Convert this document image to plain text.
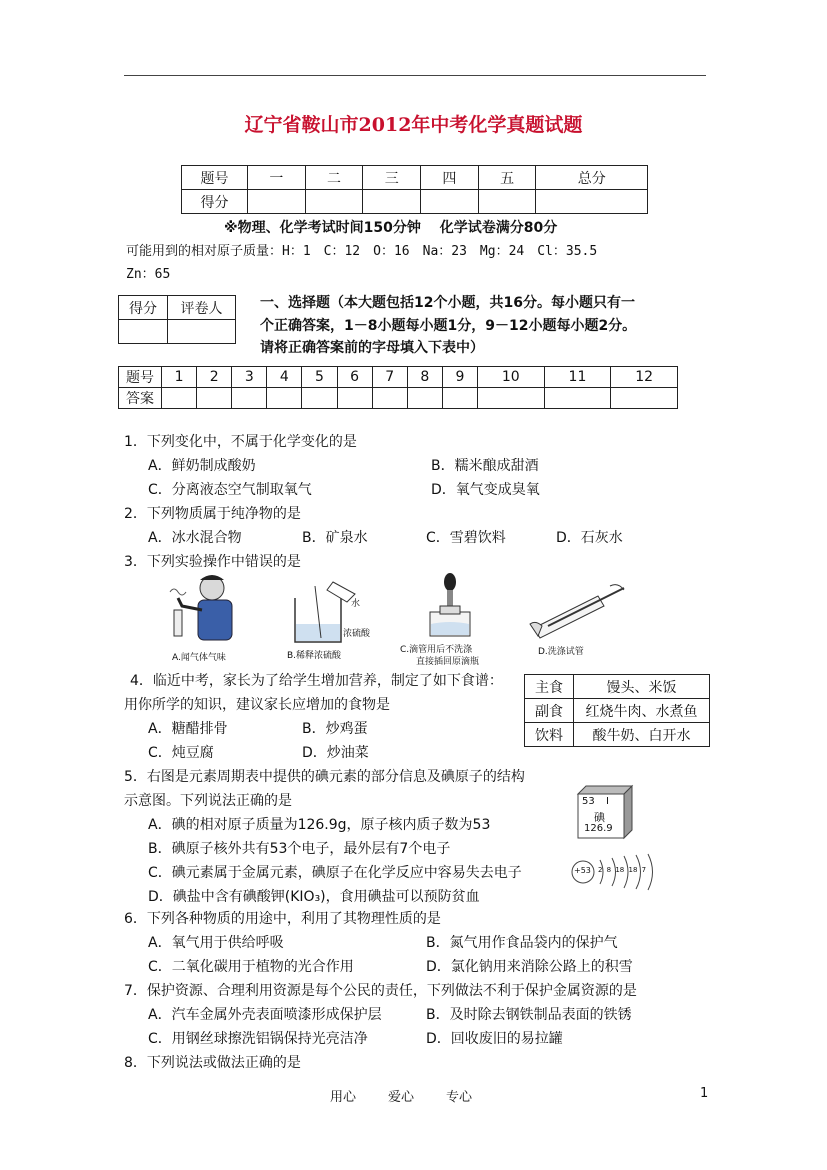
辽宁省鞍山市2012年中考化学真题试题
题号	一	二	三	四	五	总分
得分						
※物理、化学考试时间150分钟　 化学试卷满分80分
可能用到的相对原子质量：H：1　C：12　O：16　Na：23　Mg：24　Cl：35.5
Zn：65
得分	评卷人
		一、选择题（本大题包括12个小题，共16分。每小题只有一
个正确答案，1－8小题每小题1分，9－12小题每小题2分。
请将正确答案前的字母填入下表中）
题号	1	2	3	4	5	6	7	8	9	10	11	12
答案												
1．下列变化中，不属于化学变化的是
A．鲜奶制成酸奶	B．糯米酿成甜酒
C．分离液态空气制取氧气	D．氧气变成臭氧
2．下列物质属于纯净物的是
A．冰水混合物	B．矿泉水	C．雪碧饮料	D．石灰水
3．下列实验操作中错误的是
A.闻气体气味
水
浓硫酸
B.稀释浓硫酸
C.滴管用后不洗涤
直接插回原滴瓶
D.洗涤试管
4．临近中考，家长为了给学生增加营养，制定了如下食谱：
用你所学的知识，建议家长应增加的食物是
A．糖醋排骨	B．炒鸡蛋
C．炖豆腐	D．炒油菜
主食	馒头、米饭
副食	红烧牛肉、水煮鱼
饮料	酸牛奶、白开水
5．右图是元素周期表中提供的碘元素的部分信息及碘原子的结构
示意图。下列说法正确的是
A．碘的相对原子质量为126.9g，原子核内质子数为53
B．碘原子核外共有53个电子，最外层有7个电子
C．碘元素属于金属元素，碘原子在化学反应中容易失去电子
D．碘盐中含有碘酸钾(KIO₃)，食用碘盐可以预防贫血
53 I
碘
126.9
+53 2 8 18 18 7
6．下列各种物质的用途中，利用了其物理性质的是
A．氧气用于供给呼吸	B．氮气用作食品袋内的保护气
C．二氧化碳用于植物的光合作用	D．氯化钠用来消除公路上的积雪
7．保护资源、合理利用资源是每个公民的责任，下列做法不利于保护金属资源的是
A．汽车金属外壳表面喷漆形成保护层	B．及时除去钢铁制品表面的铁锈
C．用钢丝球擦洗铝锅保持光亮洁净	D．回收废旧的易拉罐
8．下列说法或做法正确的是
用心 爱心 专心	1
